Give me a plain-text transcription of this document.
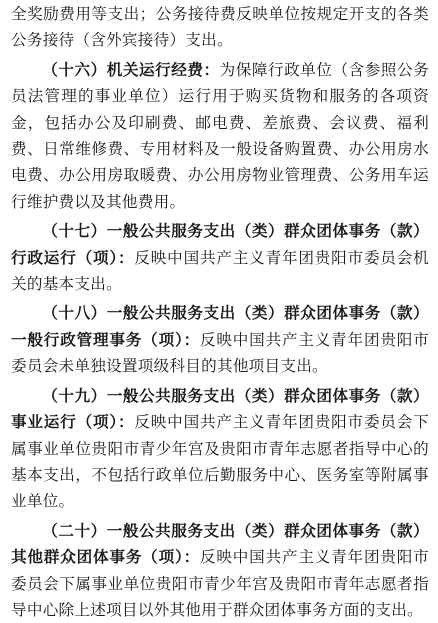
全奖励费用等支出；公务接待费反映单位按规定开支的各类公务接待（含外宾接待）支出。

（十六）机关运行经费：为保障行政单位（含参照公务员法管理的事业单位）运行用于购买货物和服务的各项资金，包括办公及印刷费、邮电费、差旅费、会议费、福利费、日常维修费、专用材料及一般设备购置费、办公用房水电费、办公用房取暖费、办公用房物业管理费、公务用车运行维护费以及其他费用。

（十七）一般公共服务支出（类）群众团体事务（款）行政运行（项）：反映中国共产主义青年团贵阳市委员会机关的基本支出。

（十八）一般公共服务支出（类）群众团体事务（款）一般行政管理事务（项）：反映中国共产主义青年团贵阳市委员会未单独设置项级科目的其他项目支出。

（十九）一般公共服务支出（类）群众团体事务（款）事业运行（项）：反映中国共产主义青年团贵阳市委员会下属事业单位贵阳市青少年宫及贵阳市青年志愿者指导中心的基本支出，不包括行政单位后勤服务中心、医务室等附属事业单位。

（二十）一般公共服务支出（类）群众团体事务（款）其他群众团体事务（项）：反映中国共产主义青年团贵阳市委员会下属事业单位贵阳市青少年宫及贵阳市青年志愿者指导中心除上述项目以外其他用于群众团体事务方面的支出。
